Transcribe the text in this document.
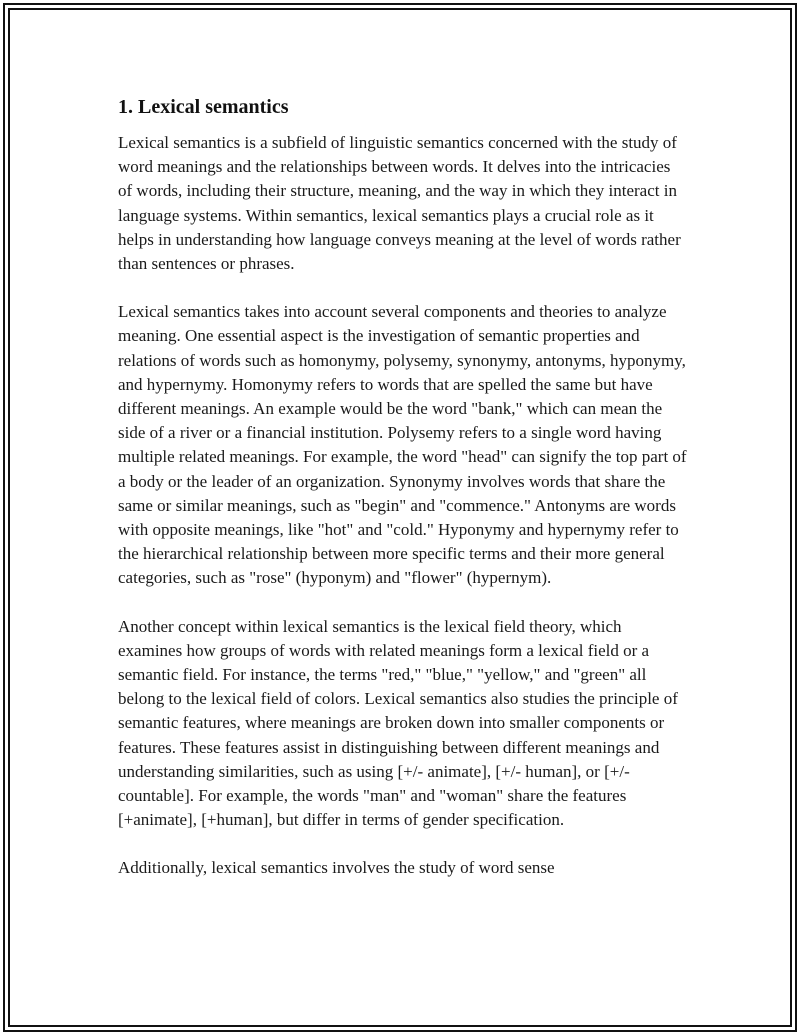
1. Lexical semantics

Lexical semantics is a subfield of linguistic semantics concerned with the study of word meanings and the relationships between words. It delves into the intricacies of words, including their structure, meaning, and the way in which they interact in language systems. Within semantics, lexical semantics plays a crucial role as it helps in understanding how language conveys meaning at the level of words rather than sentences or phrases.

Lexical semantics takes into account several components and theories to analyze meaning. One essential aspect is the investigation of semantic properties and relations of words such as homonymy, polysemy, synonymy, antonyms, hyponymy, and hypernymy. Homonymy refers to words that are spelled the same but have different meanings. An example would be the word "bank," which can mean the side of a river or a financial institution. Polysemy refers to a single word having multiple related meanings. For example, the word "head" can signify the top part of a body or the leader of an organization. Synonymy involves words that share the same or similar meanings, such as "begin" and "commence." Antonyms are words with opposite meanings, like "hot" and "cold." Hyponymy and hypernymy refer to the hierarchical relationship between more specific terms and their more general categories, such as "rose" (hyponym) and "flower" (hypernym).

Another concept within lexical semantics is the lexical field theory, which examines how groups of words with related meanings form a lexical field or a semantic field. For instance, the terms "red," "blue," "yellow," and "green" all belong to the lexical field of colors. Lexical semantics also studies the principle of semantic features, where meanings are broken down into smaller components or features. These features assist in distinguishing between different meanings and understanding similarities, such as using [+/- animate], [+/- human], or [+/- countable]. For example, the words "man" and "woman" share the features [+animate], [+human], but differ in terms of gender specification.

Additionally, lexical semantics involves the study of word sense
